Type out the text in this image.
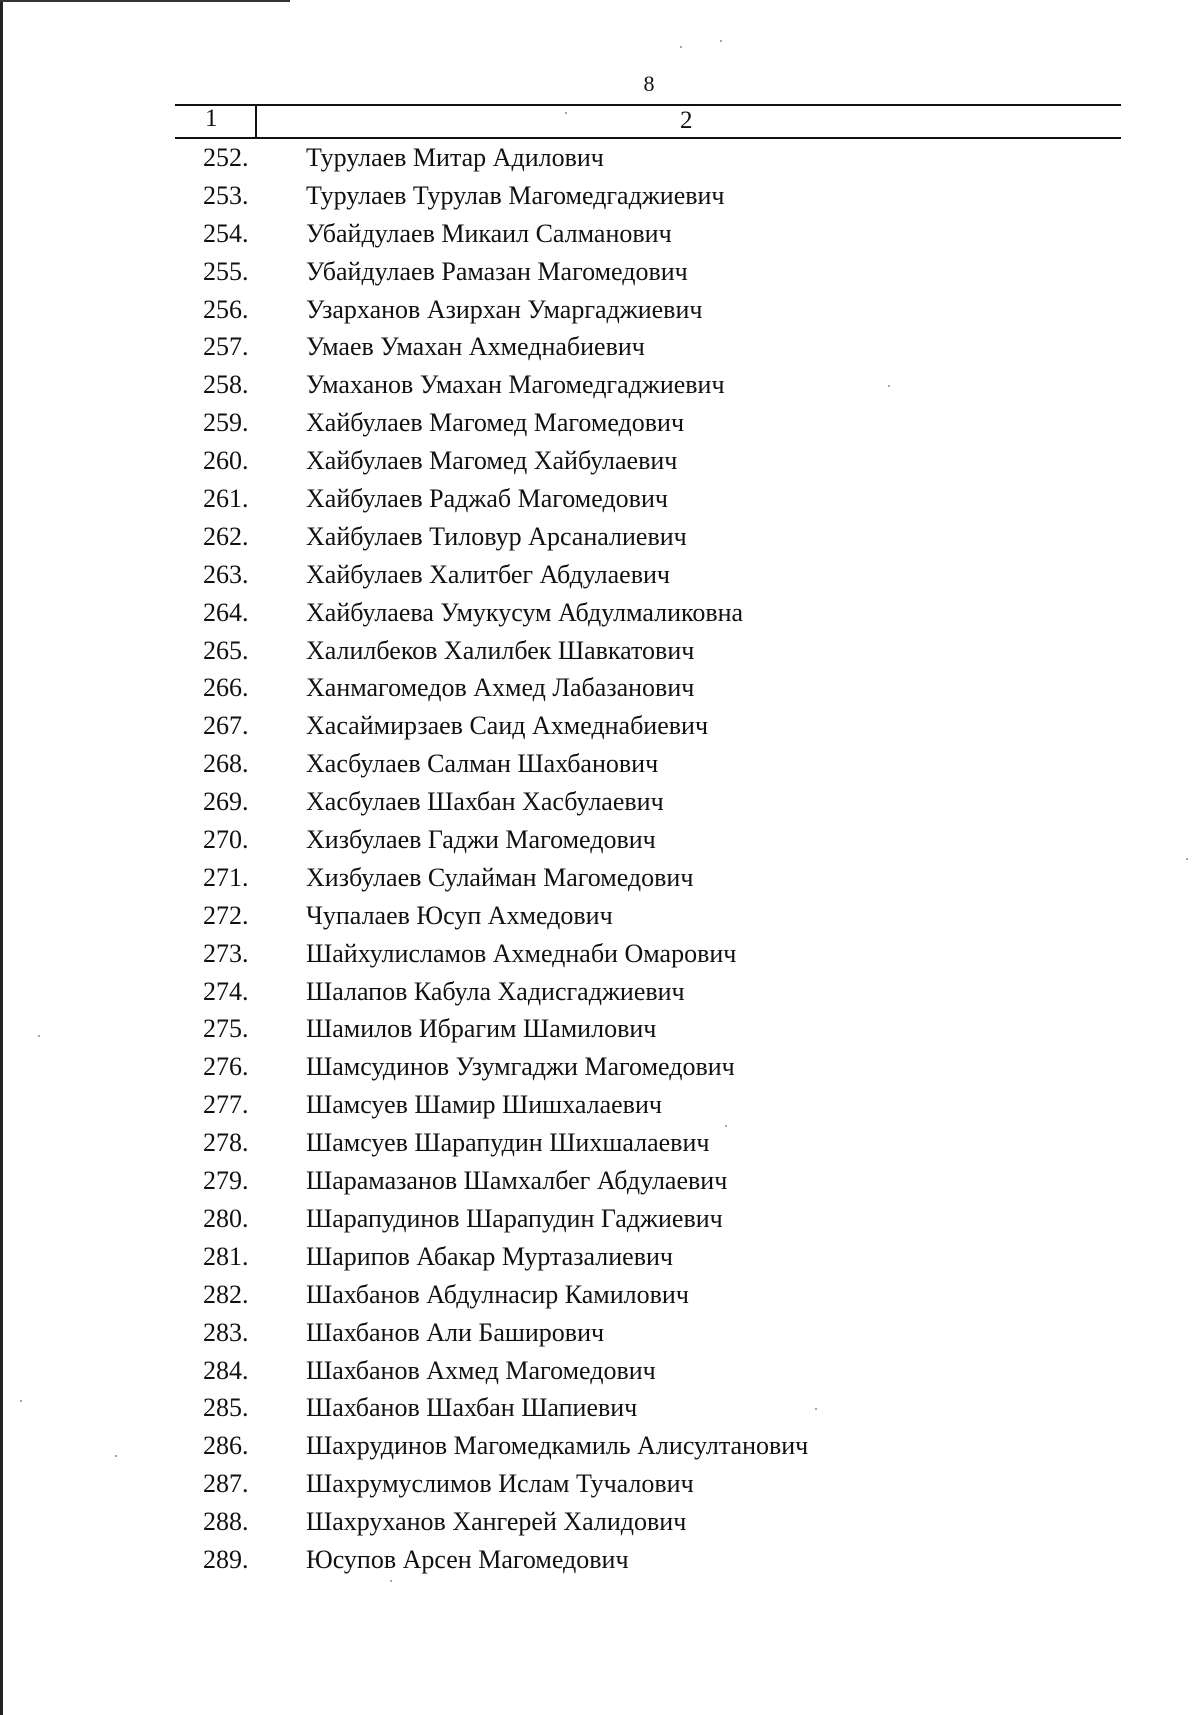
8
1	2
252. Турулаев Митар Адилович
253. Турулаев Турулав Магомедгаджиевич
254. Убайдулаев Микаил Салманович
255. Убайдулаев Рамазан Магомедович
256. Узарханов Азирхан Умаргаджиевич
257. Умаев Умахан Ахмеднабиевич
258. Умаханов Умахан Магомедгаджиевич
259. Хайбулаев Магомед Магомедович
260. Хайбулаев Магомед Хайбулаевич
261. Хайбулаев Раджаб Магомедович
262. Хайбулаев Тиловур Арсаналиевич
263. Хайбулаев Халитбег Абдулаевич
264. Хайбулаева Умукусум Абдулмаликовна
265. Халилбеков Халилбек Шавкатович
266. Ханмагомедов Ахмед Лабазанович
267. Хасаймирзаев Саид Ахмеднабиевич
268. Хасбулаев Салман Шахбанович
269. Хасбулаев Шахбан Хасбулаевич
270. Хизбулаев Гаджи Магомедович
271. Хизбулаев Сулайман Магомедович
272. Чупалаев Юсуп Ахмедович
273. Шайхулисламов Ахмеднаби Омарович
274. Шалапов Кабула Хадисгаджиевич
275. Шамилов Ибрагим Шамилович
276. Шамсудинов Узумгаджи Магомедович
277. Шамсуев Шамир Шишхалаевич
278. Шамсуев Шарапудин Шихшалаевич
279. Шарамазанов Шамхалбег Абдулаевич
280. Шарапудинов Шарапудин Гаджиевич
281. Шарипов Абакар Муртазалиевич
282. Шахбанов Абдулнасир Камилович
283. Шахбанов Али Баширович
284. Шахбанов Ахмед Магомедович
285. Шахбанов Шахбан Шапиевич
286. Шахрудинов Магомедкамиль Алисултанович
287. Шахрумуслимов Ислам Тучалович
288. Шахруханов Хангерей Халидович
289. Юсупов Арсен Магомедович
